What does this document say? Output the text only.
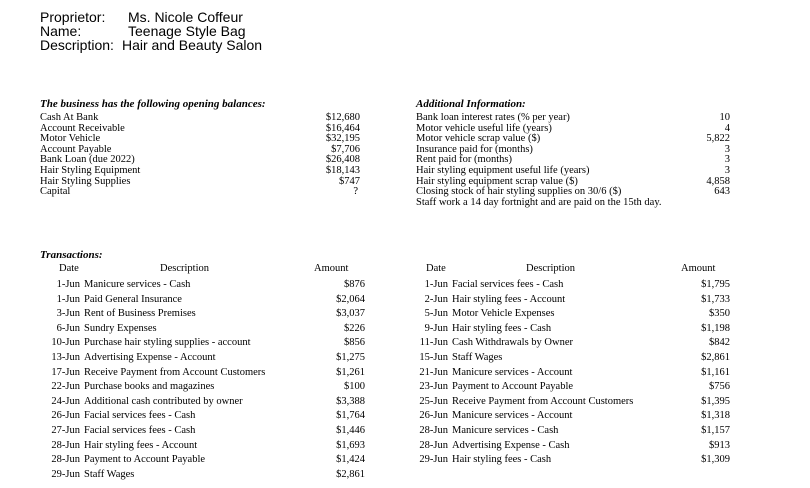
Proprietor: Ms. Nicole Coffeur
Name:	Teenage Style Bag
Description: Hair and Beauty Salon
The business has the following opening balances:
Cash At Bank	$12,680
Account Receivable	$16,464
Motor Vehicle	$32,195
Account Payable	$7,706
Bank Loan (due 2022)	$26,408
Hair Styling Equipment	$18,143
Hair Styling Supplies	$747
Capital	?
Additional Information:
Bank loan interest rates (% per year)	10
Motor vehicle useful life (years)	4
Motor vehicle scrap value ($)	5,822
Insurance paid for (months)	3
Rent paid for (months)	3
Hair styling equipment useful life (years)	3
Hair styling equipment scrap value ($)	4,858
Closing stock of hair styling supplies on 30/6 ($)	643
Staff work a 14 day fortnight and are paid on the 15th day.
Transactions:
Date	Description	Amount
1-Jun Manicure services - Cash	$876
1-Jun Paid General Insurance	$2,064
3-Jun Rent of Business Premises	$3,037
6-Jun Sundry Expenses	$226
10-Jun Purchase hair styling supplies - account	$856
13-Jun Advertising Expense - Account	$1,275
17-Jun Receive Payment from Account Customers	$1,261
22-Jun Purchase books and magazines	$100
24-Jun Additional cash contributed by owner	$3,388
26-Jun Facial services fees - Cash	$1,764
27-Jun Facial services fees - Cash	$1,446
28-Jun Hair styling fees - Account	$1,693
28-Jun Payment to Account Payable	$1,424
29-Jun Staff Wages	$2,861
Date	Description	Amount
1-Jun Facial services fees - Cash	$1,795
2-Jun Hair styling fees - Account	$1,733
5-Jun Motor Vehicle Expenses	$350
9-Jun Hair styling fees - Cash	$1,198
11-Jun Cash Withdrawals by Owner	$842
15-Jun Staff Wages	$2,861
21-Jun Manicure services - Account	$1,161
23-Jun Payment to Account Payable	$756
25-Jun Receive Payment from Account Customers	$1,395
26-Jun Manicure services - Account	$1,318
28-Jun Manicure services - Cash	$1,157
28-Jun Advertising Expense - Cash	$913
29-Jun Hair styling fees - Cash	$1,309
